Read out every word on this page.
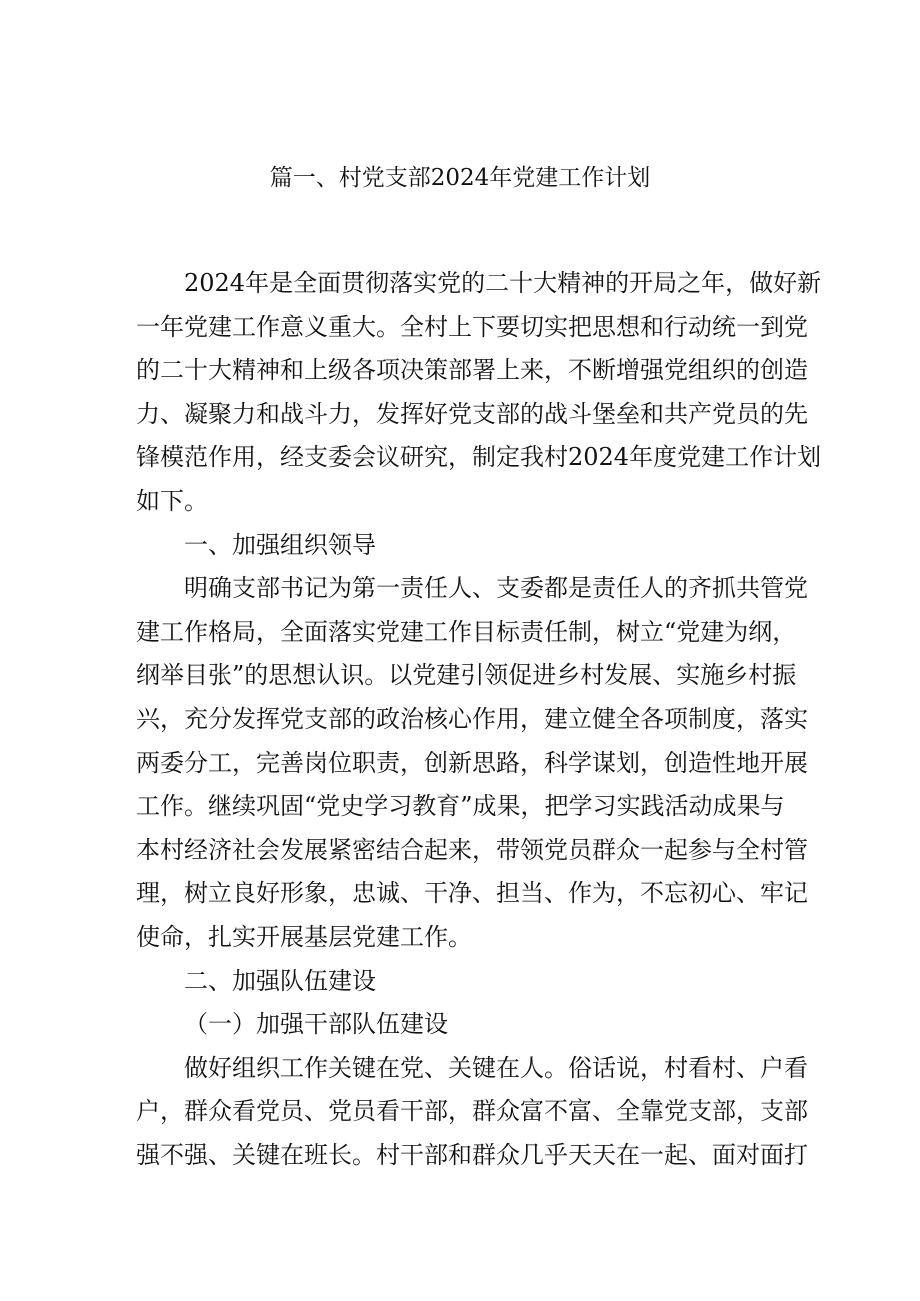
篇一、村党支部2024年党建工作计划

2024年是全面贯彻落实党的二十大精神的开局之年，做好新
一年党建工作意义重大。全村上下要切实把思想和行动统一到党
的二十大精神和上级各项决策部署上来，不断增强党组织的创造
力、凝聚力和战斗力，发挥好党支部的战斗堡垒和共产党员的先
锋模范作用，经支委会议研究，制定我村2024年度党建工作计划
如下。

一、加强组织领导

明确支部书记为第一责任人、支委都是责任人的齐抓共管党
建工作格局，全面落实党建工作目标责任制，树立“党建为纲，
纲举目张”的思想认识。以党建引领促进乡村发展、实施乡村振
兴，充分发挥党支部的政治核心作用，建立健全各项制度，落实
两委分工，完善岗位职责，创新思路，科学谋划，创造性地开展
工作。继续巩固“党史学习教育”成果，把学习实践活动成果与
本村经济社会发展紧密结合起来，带领党员群众一起参与全村管
理，树立良好形象，忠诚、干净、担当、作为，不忘初心、牢记
使命，扎实开展基层党建工作。

二、加强队伍建设

（一）加强干部队伍建设

做好组织工作关键在党、关键在人。俗话说，村看村、户看
户，群众看党员、党员看干部，群众富不富、全靠党支部，支部
强不强、关键在班长。村干部和群众几乎天天在一起、面对面打
